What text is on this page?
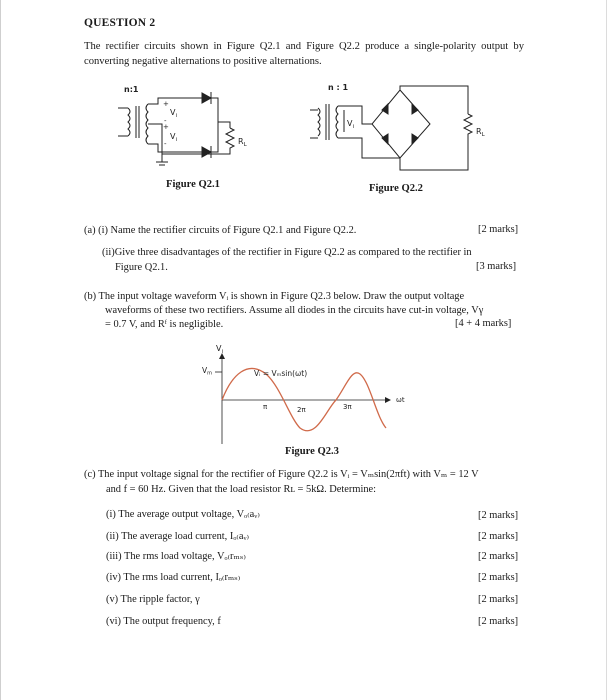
QUESTION 2
The rectifier circuits shown in Figure Q2.1 and Figure Q2.2 produce a single-polarity output by converting negative alternations to positive alternations.
n:1
+
-
+
-
$V_i$
$V_i$	$R_L$
Figure Q2.1
n : 1
$V_i$	$R_L$
Figure Q2.2
(a) (i) Name the rectifier circuits of Figure Q2.1 and Figure Q2.2.	[2 marks]
(ii)Give three disadvantages of the rectifier in Figure Q2.2 as compared to the rectifier in
Figure Q2.1.	[3 marks]
(b) The input voltage waveform Vᵢ is shown in Figure Q2.3 below. Draw the output voltage
waveforms of these two rectifiers. Assume all diodes in the circuits have cut-in voltage, Vγ
= 0.7 V, and Rᶠ is negligible.	[4 + 4 marks]
$V_i$
$V_m$	Vᵢ = Vₘsin(ωt)
π	2π	3π
ωt
Figure Q2.3
(c) The input voltage signal for the rectifier of Figure Q2.2 is Vᵢ = Vₘsin(2πft) with Vₘ = 12 V
and f = 60 Hz. Given that the load resistor Rʟ = 5kΩ. Determine:
(i) The average output voltage, Vₒ₍aᵥ₎	[2 marks]
(ii) The average load current, Iₒ₍aᵥ₎	[2 marks]
(iii) The rms load voltage, Vₒ₍rₘₛ₎	[2 marks]
(iv) The rms load current, Iₒ₍rₘₛ₎	[2 marks]
(v) The ripple factor, γ	[2 marks]
(vi) The output frequency, f	[2 marks]
